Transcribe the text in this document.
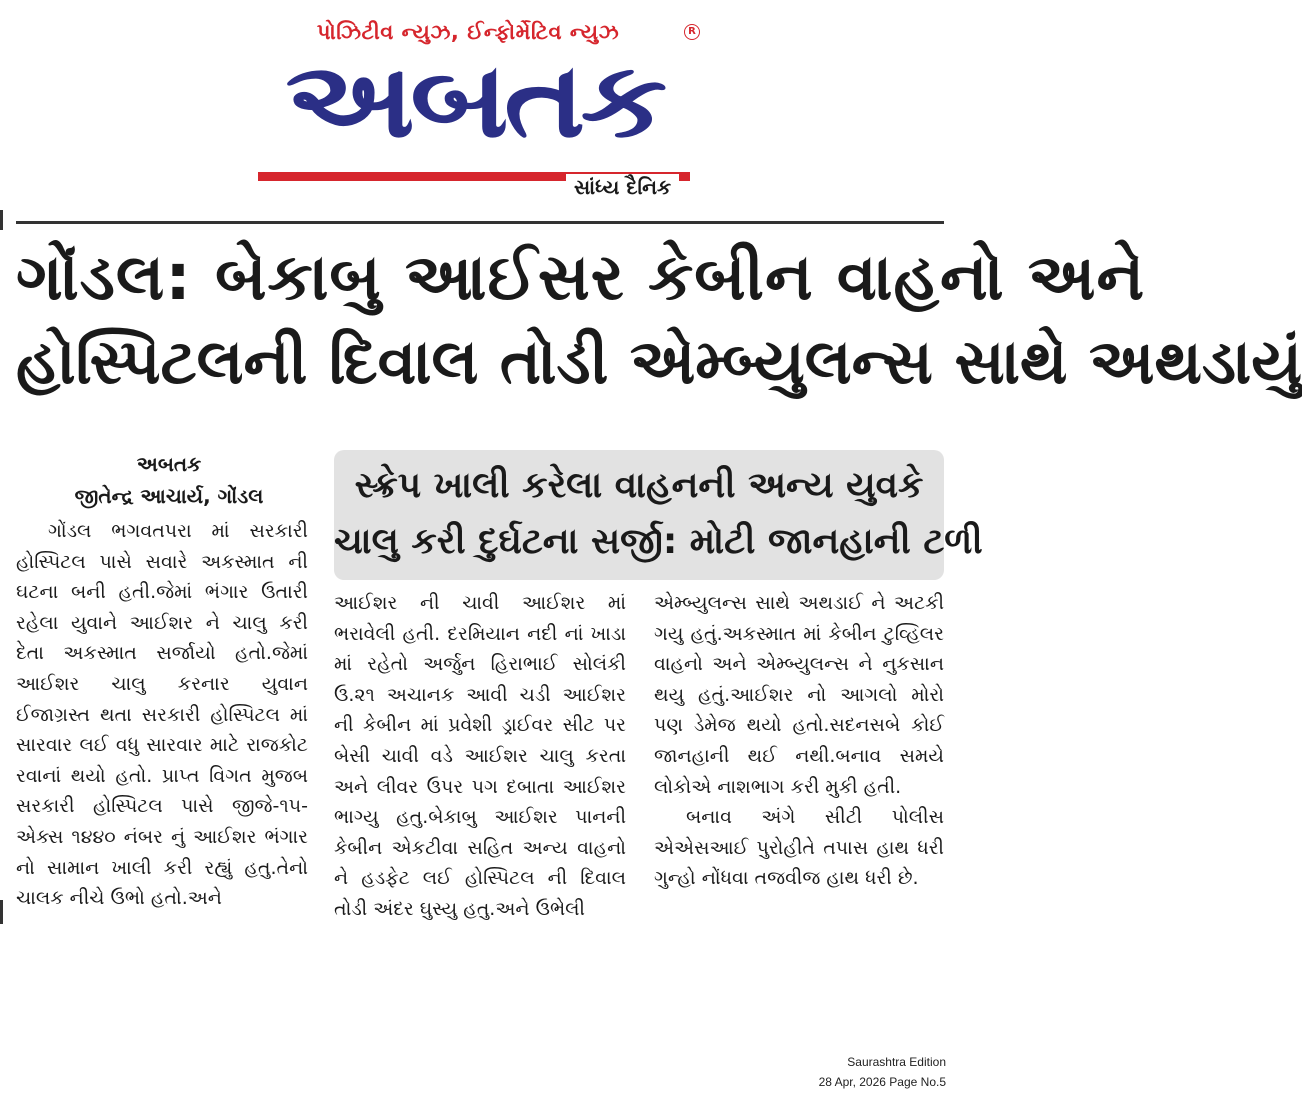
પોઝિટીવ ન્યુઝ, ઈન્ફોર્મેટિવ ન્યુઝ
અબતક
R
સાંધ્ય દૈનિક
ગોંડલ: બેકાબુ આઈસર કેબીન વાહનો અને
હોસ્પિટલની દિવાલ તોડી એમ્બ્યુલન્સ સાથે અથડાયું
અબતક
જીતેન્દ્ર આચાર્ય, ગોંડલ	સ્ક્રેપ ખાલી કરેલા વાહનની અન્ય યુવકે
ચાલુ કરી દુર્ઘટના સર્જી: મોટી જાનહાની ટળી

ગોંડલ ભગવતપરા માં સરકારી હોસ્પિટલ પાસે સવારે અકસ્માત ની ઘટના બની હતી.જેમાં ભંગાર ઉતારી રહેલા યુવાને આઈશર ને ચાલુ કરી દેતા અકસ્માત સર્જાયો હતો.જેમાં આઈશર ચાલુ કરનાર યુવાન ઈજાગ્રસ્ત થતા સરકારી હોસ્પિટલ માં સારવાર લઈ વધુ સારવાર માટે રાજકોટ રવાનાં થયો હતો. પ્રાપ્ત વિગત મુજબ સરકારી હોસ્પિટલ પાસે જીજે-૧૫-એક્સ ૧૪૪૦ નંબર નું આઈશર ભંગાર નો સામાન ખાલી કરી રહ્યું હતુ.તેનો ચાલક નીચે ઉભો હતો.અને

આઈશર ની ચાવી આઈશર માં ભરાવેલી હતી. દરમિયાન નદી નાં ખાડા માં રહેતો અર્જુન હિરાભાઈ સોલંકી ઉ.૨૧ અચાનક આવી ચડી આઈશર ની કેબીન માં પ્રવેશી ડ્રાઈવર સીટ પર બેસી ચાવી વડે આઈશર ચાલુ કરતા અને લીવર ઉપર પગ દબાતા આઈશર ભાગ્યુ હતુ.બેકાબુ આઈશર પાનની કેબીન એકટીવા સહિત અન્ય વાહનો ને હડફેટ લઈ હોસ્પિટલ ની દિવાલ તોડી અંદર ઘુસ્યુ હતુ.અને ઉભેલી

એમ્બ્યુલન્સ સાથે અથડાઈ ને અટકી ગયુ હતું.અકસ્માત માં કેબીન ટુવ્હિલર વાહનો અને એમ્બ્યુલન્સ ને નુકસાન થયુ હતું.આઈશર નો આગલો મોરો પણ ડેમેજ થયો હતો.સદનસબે કોઈ જાનહાની થઈ નથી.બનાવ સમયે લોકોએ નાશભાગ કરી મુકી હતી.

બનાવ અંગે સીટી પોલીસ એએસઆઈ પુરોહીતે તપાસ હાથ ધરી ગુન્હો નોંધવા તજવીજ હાથ ધરી છે.

Saurashtra Edition
28 Apr, 2026 Page No.5
